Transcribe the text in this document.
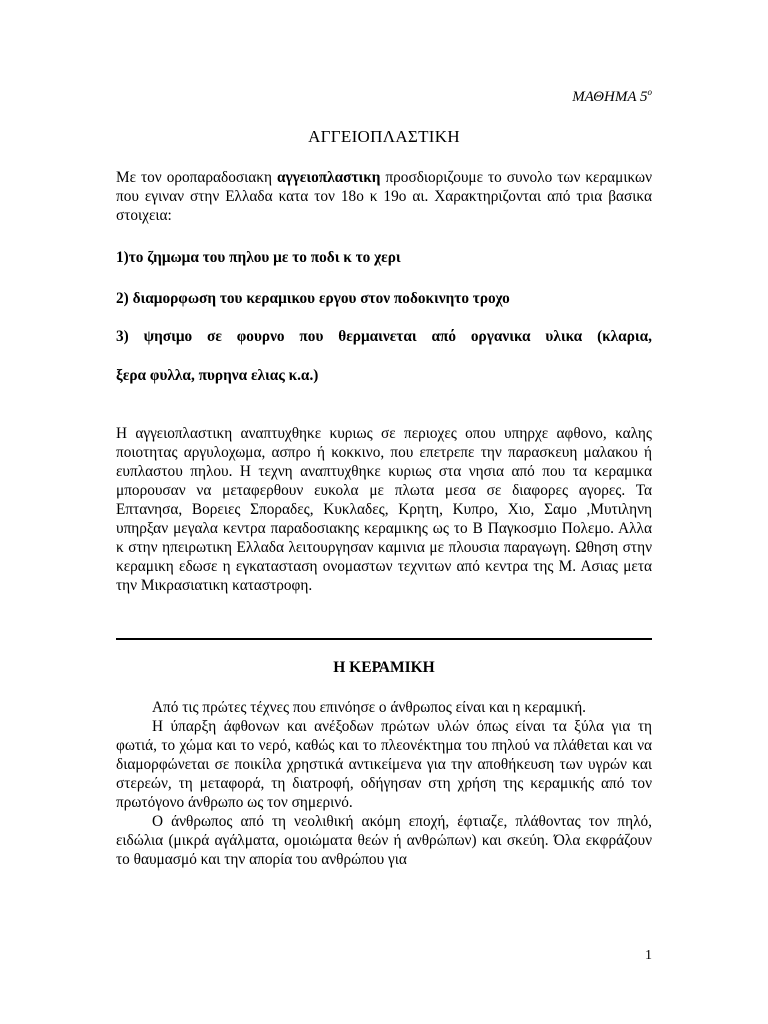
ΜΑΘΗΜΑ $5^o$
ΑΓΓΕΙΟΠΛΑΣΤΙΚΗ
Με τον οροπαραδοσιακη αγγειοπλαστικη προσδιοριζουμε το συνολο των κεραμικων που εγιναν στην Ελλαδα κατα τον 18ο κ 19ο αι. Χαρακτηριζονται από τρια βασικα στοιχεια:
1)το ζημωμα του πηλου με το ποδι κ το χερι
2) διαμορφωση του κεραμικου εργου στον ποδοκινητο τροχο
3) ψησιμο σε φουρνο που θερμαινεται από οργανικα υλικα (κλαρια,
ξερα φυλλα, πυρηνα ελιας κ.α.)
Η αγγειοπλαστικη αναπτυχθηκε κυριως σε περιοχες οπου υπηρχε αφθονο, καλης ποιοτητας αργυλοχωμα, ασπρο ή κοκκινο, που επετρεπε την παρασκευη μαλακου ή ευπλαστου πηλου. Η τεχνη αναπτυχθηκε κυριως στα νησια από που τα κεραμικα μπορουσαν να μεταφερθουν ευκολα με πλωτα μεσα σε διαφορες αγορες. Τα Επτανησα, Βορειες Σποραδες, Κυκλαδες, Κρητη, Κυπρο, Χιο, Σαμο ,Μυτιληνη υπηρξαν μεγαλα κεντρα παραδοσιακης κεραμικης ως το Β Παγκοσμιο Πολεμο. Αλλα κ στην ηπειρωτικη Ελλαδα λειτουργησαν καμινια με πλουσια παραγωγη. Ωθηση στην κεραμικη εδωσε η εγκατασταση ονομαστων τεχνιτων από κεντρα της Μ. Ασιας μετα την Μικρασιατικη καταστροφη.
Η ΚΕΡΑΜΙΚΗ

Από τις πρώτες τέχνες που επινόησε ο άνθρωπος είναι και η κεραμική.

Η ύπαρξη άφθονων και ανέξοδων πρώτων υλών όπως είναι τα ξύλα για τη φωτιά, το χώμα και το νερό, καθώς και το πλεονέκτημα του πηλού να πλάθεται και να διαμορφώνεται σε ποικίλα χρηστικά αντικείμενα για την αποθήκευση των υγρών και στερεών, τη μεταφορά, τη διατροφή, οδήγησαν στη χρήση της κεραμικής από τον πρωτόγονο άνθρωπο ως τον σημερινό.

Ο άνθρωπος από τη νεολιθική ακόμη εποχή, έφτιαζε, πλάθοντας τον πηλό, ειδώλια (μικρά αγάλματα, ομοιώματα θεών ή ανθρώπων) και σκεύη. Όλα εκφράζουν το θαυμασμό και την απορία του ανθρώπου για

1
